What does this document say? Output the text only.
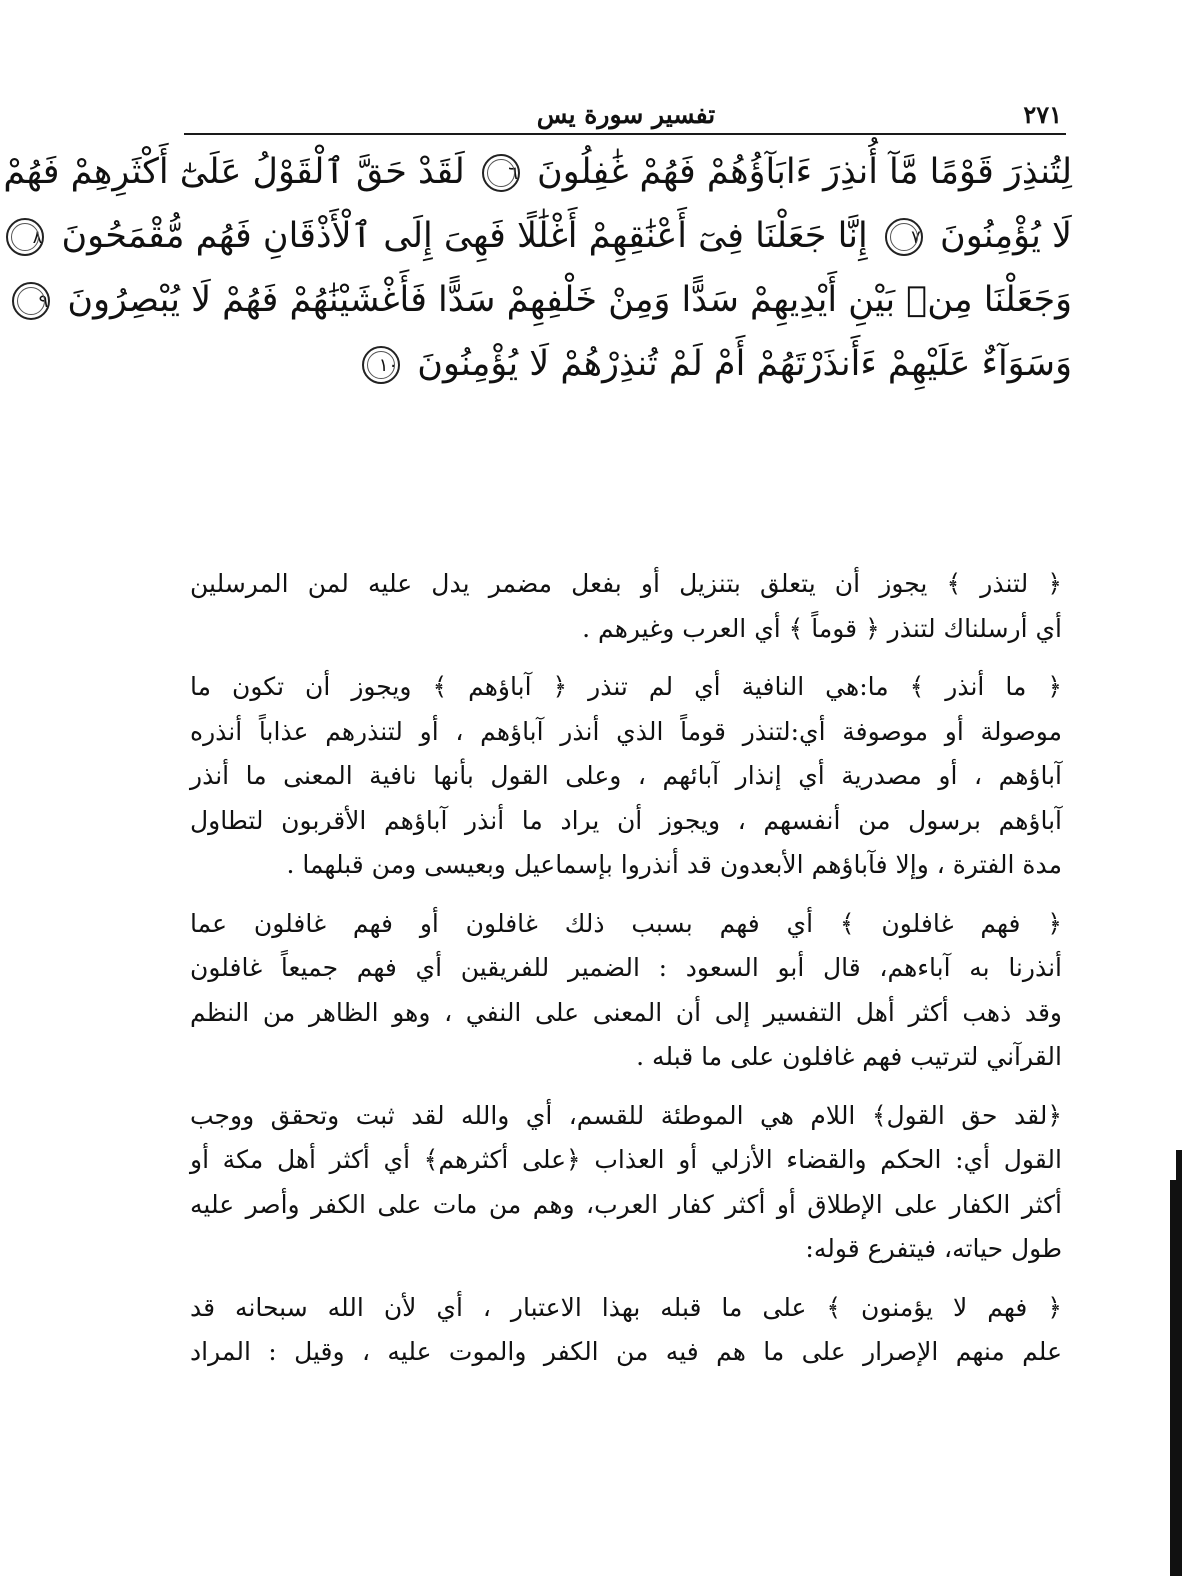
تفسير سورة يس	٢٧١
لِتُنذِرَ قَوْمًا مَّآ أُنذِرَ ءَابَآؤُهُمْ فَهُمْ غَٰفِلُونَ ٦ لَقَدْ حَقَّ ٱلْقَوْلُ عَلَىٰٓ أَكْثَرِهِمْ فَهُمْ
لَا يُؤْمِنُونَ ٧ إِنَّا جَعَلْنَا فِىٓ أَعْنَٰقِهِمْ أَغْلَٰلًا فَهِىَ إِلَى ٱلْأَذْقَانِ فَهُم مُّقْمَحُونَ ٨
وَجَعَلْنَا مِنۢ بَيْنِ أَيْدِيهِمْ سَدًّا وَمِنْ خَلْفِهِمْ سَدًّا فَأَغْشَيْنَٰهُمْ فَهُمْ لَا يُبْصِرُونَ ٩
وَسَوَآءٌ عَلَيْهِمْ ءَأَنذَرْتَهُمْ أَمْ لَمْ تُنذِرْهُمْ لَا يُؤْمِنُونَ ١٠
﴿ لتنذر ﴾ يجوز أن يتعلق بتنزيل أو بفعل مضمر يدل عليه لمن المرسلين
أي أرسلناك لتنذر ﴿ قوماً ﴾ أي العرب وغيرهم .
﴿ ما أنذر ﴾ ما:هي النافية أي لم تنذر ﴿ آباؤهم ﴾ ويجوز أن تكون ما
موصولة أو موصوفة أي:لتنذر قوماً الذي أنذر آباؤهم ، أو لتنذرهم عذاباً أنذره
آباؤهم ، أو مصدرية أي إنذار آبائهم ، وعلى القول بأنها نافية المعنى ما أنذر
آباؤهم برسول من أنفسهم ، ويجوز أن يراد ما أنذر آباؤهم الأقربون لتطاول
مدة الفترة ، وإلا فآباؤهم الأبعدون قد أنذروا بإسماعيل وبعيسى ومن قبلهما .
﴿ فهم غافلون ﴾ أي فهم بسبب ذلك غافلون أو فهم غافلون عما
أنذرنا به آباءهم، قال أبو السعود : الضمير للفريقين أي فهم جميعاً غافلون
وقد ذهب أكثر أهل التفسير إلى أن المعنى على النفي ، وهو الظاهر من النظم
القرآني لترتيب فهم غافلون على ما قبله .
﴿لقد حق القول﴾ اللام هي الموطئة للقسم، أي والله لقد ثبت وتحقق ووجب
القول أي: الحكم والقضاء الأزلي أو العذاب ﴿على أكثرهم﴾ أي أكثر أهل مكة أو
أكثر الكفار على الإطلاق أو أكثر كفار العرب، وهم من مات على الكفر وأصر عليه
طول حياته، فيتفرع قوله:
﴿ فهم لا يؤمنون ﴾ على ما قبله بهذا الاعتبار ، أي لأن الله سبحانه قد
علم منهم الإصرار على ما هم فيه من الكفر والموت عليه ، وقيل : المراد
